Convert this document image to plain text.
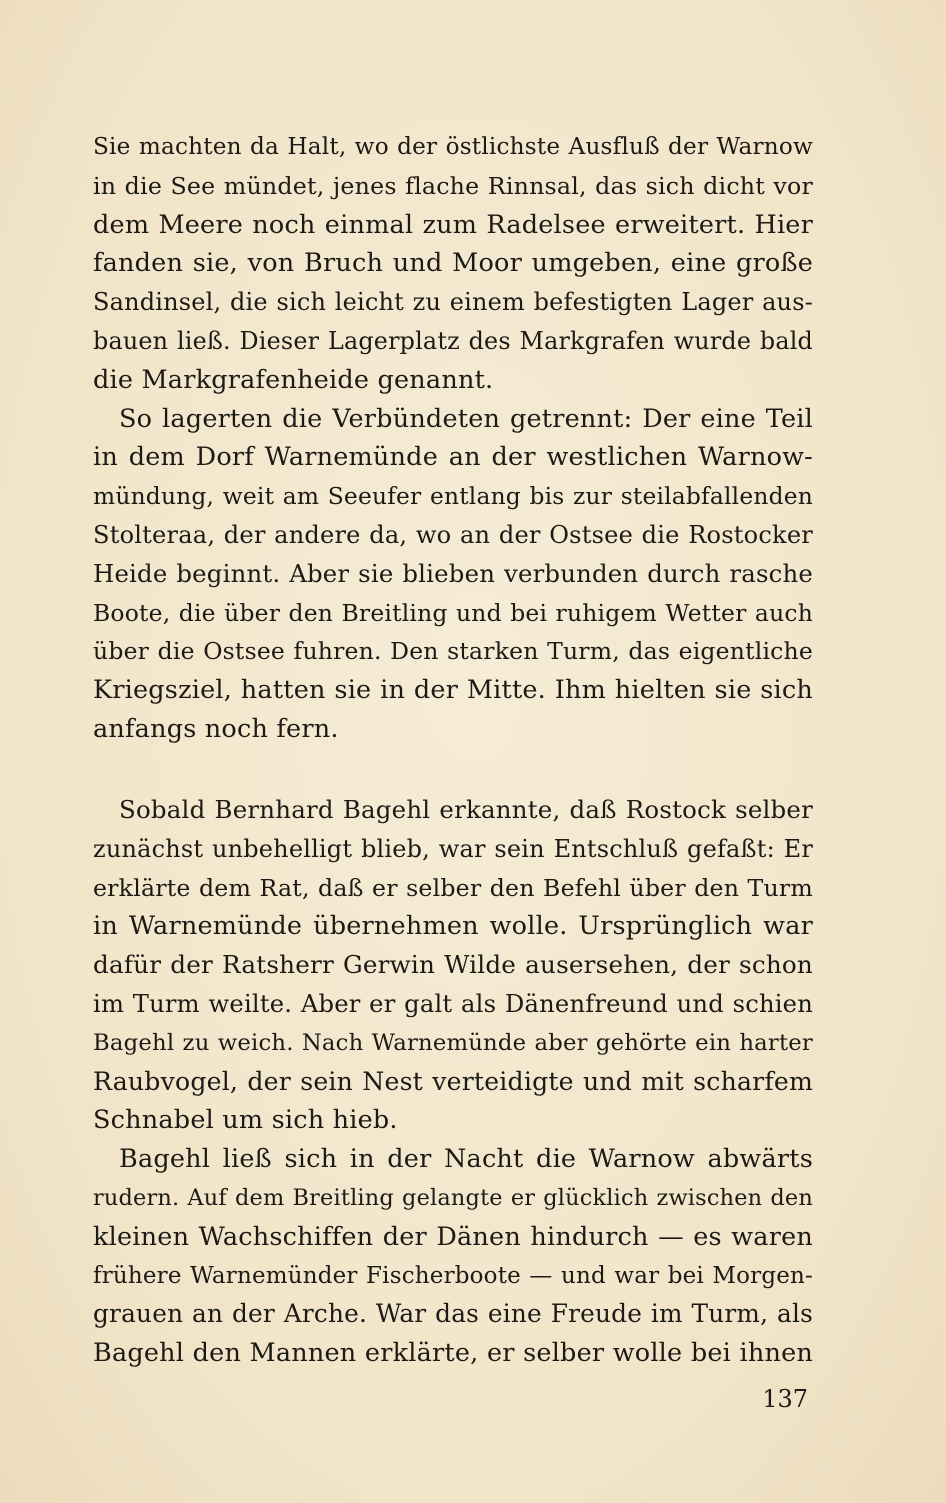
Sie machten da Halt, wo der östlichste Ausfluß der Warnow
in die See mündet, jenes flache Rinnsal, das sich dicht vor
dem Meere noch einmal zum Radelsee erweitert. Hier
fanden sie, von Bruch und Moor umgeben, eine große
Sandinsel, die sich leicht zu einem befestigten Lager aus-
bauen ließ. Dieser Lagerplatz des Markgrafen wurde bald
die Markgrafenheide genannt.
So lagerten die Verbündeten getrennt: Der eine Teil
in dem Dorf Warnemünde an der westlichen Warnow-
mündung, weit am Seeufer entlang bis zur steilabfallenden
Stolteraa, der andere da, wo an der Ostsee die Rostocker
Heide beginnt. Aber sie blieben verbunden durch rasche
Boote, die über den Breitling und bei ruhigem Wetter auch
über die Ostsee fuhren. Den starken Turm, das eigentliche
Kriegsziel, hatten sie in der Mitte. Ihm hielten sie sich
anfangs noch fern.
Sobald Bernhard Bagehl erkannte, daß Rostock selber
zunächst unbehelligt blieb, war sein Entschluß gefaßt: Er
erklärte dem Rat, daß er selber den Befehl über den Turm
in Warnemünde übernehmen wolle. Ursprünglich war
dafür der Ratsherr Gerwin Wilde ausersehen, der schon
im Turm weilte. Aber er galt als Dänenfreund und schien
Bagehl zu weich. Nach Warnemünde aber gehörte ein harter
Raubvogel, der sein Nest verteidigte und mit scharfem
Schnabel um sich hieb.
Bagehl ließ sich in der Nacht die Warnow abwärts
rudern. Auf dem Breitling gelangte er glücklich zwischen den
kleinen Wachschiffen der Dänen hindurch — es waren
frühere Warnemünder Fischerboote — und war bei Morgen-
grauen an der Arche. War das eine Freude im Turm, als
Bagehl den Mannen erklärte, er selber wolle bei ihnen
137
